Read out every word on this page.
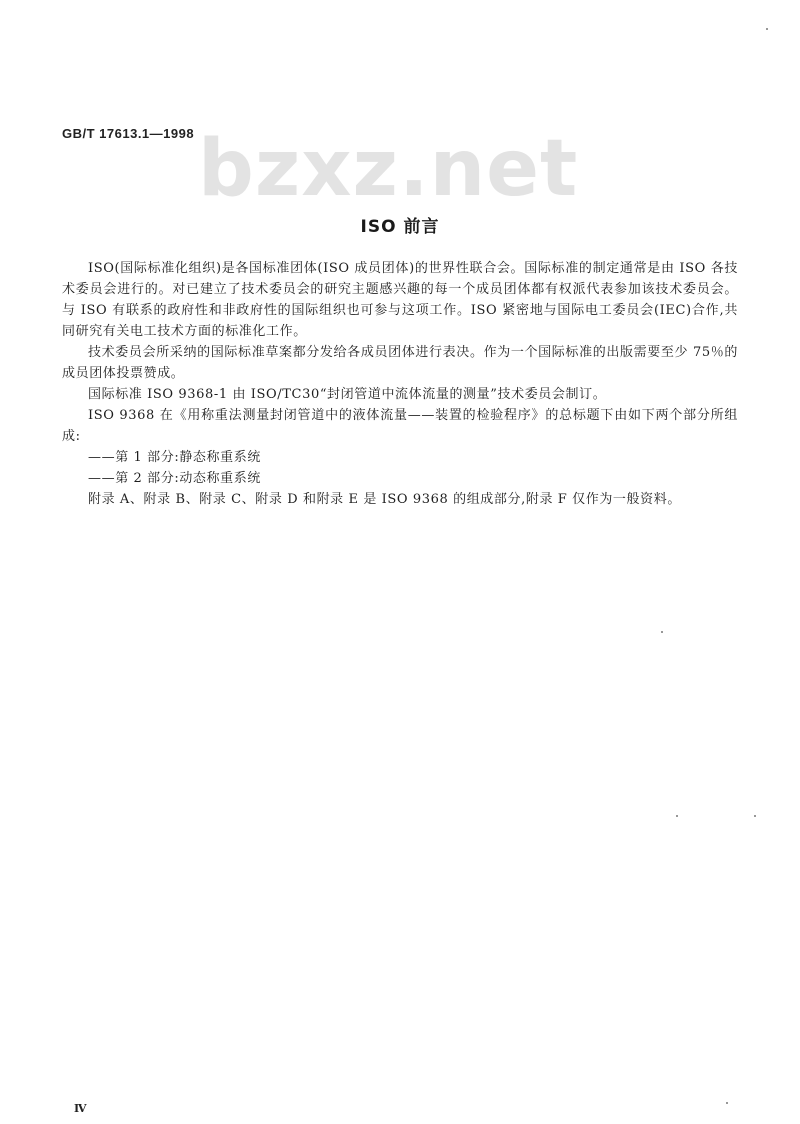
GB/T 17613.1—1998 bzxz.net
ISO 前言

ISO(国际标准化组织)是各国标准团体(ISO 成员团体)的世界性联合会。国际标准的制定通常是由 ISO 各技术委员会进行的。对已建立了技术委员会的研究主题感兴趣的每一个成员团体都有权派代表参加该技术委员会。与 ISO 有联系的政府性和非政府性的国际组织也可参与这项工作。ISO 紧密地与国际电工委员会(IEC)合作,共同研究有关电工技术方面的标准化工作。

技术委员会所采纳的国际标准草案都分发给各成员团体进行表决。作为一个国际标准的出版需要至少 75％的成员团体投票赞成。

国际标准 ISO 9368-1 由 ISO/TC30“封闭管道中流体流量的测量”技术委员会制订。

ISO 9368 在《用称重法测量封闭管道中的液体流量——装置的检验程序》的总标题下由如下两个部分所组成:

——第 1 部分:静态称重系统

——第 2 部分:动态称重系统

附录 A、附录 B、附录 C、附录 D 和附录 E 是 ISO 9368 的组成部分,附录 F 仅作为一般资料。

Ⅳ
